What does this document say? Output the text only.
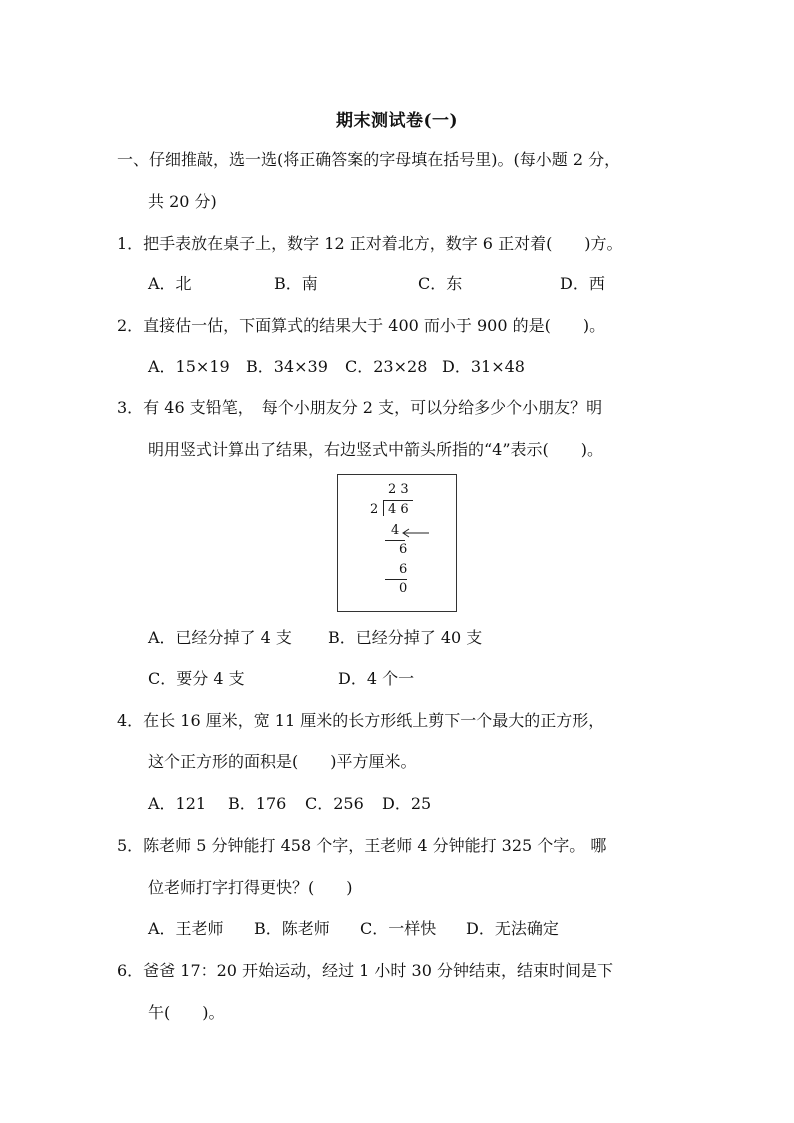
期末测试卷(一)
一、仔细推敲，选一选(将正确答案的字母填在括号里)。(每小题 2 分，
共 20 分)
1．把手表放在桌子上，数字 12 正对着北方，数字 6 正对着(　　)方。
A．北	B．南	C．东	D．西
2．直接估一估，下面算式的结果大于 400 而小于 900 的是(　　)。
A．15×19 B．34×39 C．23×28 D．31×48
3．有 46 支铅笔，　每个小朋友分 2 支，可以分给多少个小朋友？明
明用竖式计算出了结果，右边竖式中箭头所指的“4”表示(　　)。
2 3
2 4 6
4
6
6
0
A．已经分掉了 4 支 B．已经分掉了 40 支
C．要分 4 支	D．4 个一
4．在长 16 厘米，宽 11 厘米的长方形纸上剪下一个最大的正方形，
这个正方形的面积是(　　)平方厘米。
A．121 B．176 C．256 D．25
5．陈老师 5 分钟能打 458 个字，王老师 4 分钟能打 325 个字。 哪
位老师打字打得更快？(　　)
A．王老师 B．陈老师 C．一样快 D．无法确定
6．爸爸 17：20 开始运动，经过 1 小时 30 分钟结束，结束时间是下
午(　　)。
